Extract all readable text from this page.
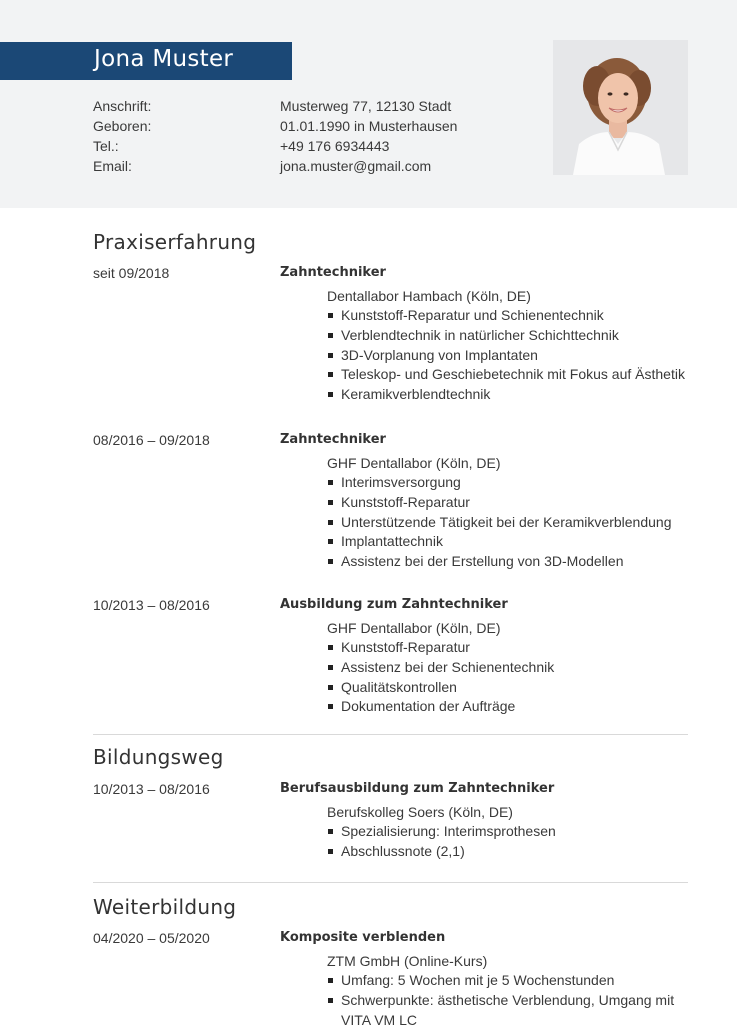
Jona Muster
Anschrift:	Musterweg 77, 12130 Stadt
Geboren:	01.01.1990 in Musterhausen
Tel.:	+49 176 6934443
Email:	jona.muster@gmail.com
Praxiserfahrung
seit 09/2018	Zahntechniker
Dentallabor Hambach (Köln, DE)
Kunststoff-Reparatur und Schienentechnik
Verblendtechnik in natürlicher Schichttechnik
3D-Vorplanung von Implantaten
Teleskop- und Geschiebetechnik mit Fokus auf Ästhetik
Keramikverblendtechnik
08/2016 – 09/2018	Zahntechniker
GHF Dentallabor (Köln, DE)
Interimsversorgung
Kunststoff-Reparatur
Unterstützende Tätigkeit bei der Keramikverblendung
Implantattechnik
Assistenz bei der Erstellung von 3D-Modellen
10/2013 – 08/2016	Ausbildung zum Zahntechniker
GHF Dentallabor (Köln, DE)
Kunststoff-Reparatur
Assistenz bei der Schienentechnik
Qualitätskontrollen
Dokumentation der Aufträge
Bildungsweg
10/2013 – 08/2016	Berufsausbildung zum Zahntechniker
Berufskolleg Soers (Köln, DE)
Spezialisierung: Interimsprothesen
Abschlussnote (2,1)
Weiterbildung
04/2020 – 05/2020	Komposite verblenden
ZTM GmbH (Online-Kurs)
Umfang: 5 Wochen mit je 5 Wochenstunden
Schwerpunkte: ästhetische Verblendung, Umgang mit VITA VM LC
